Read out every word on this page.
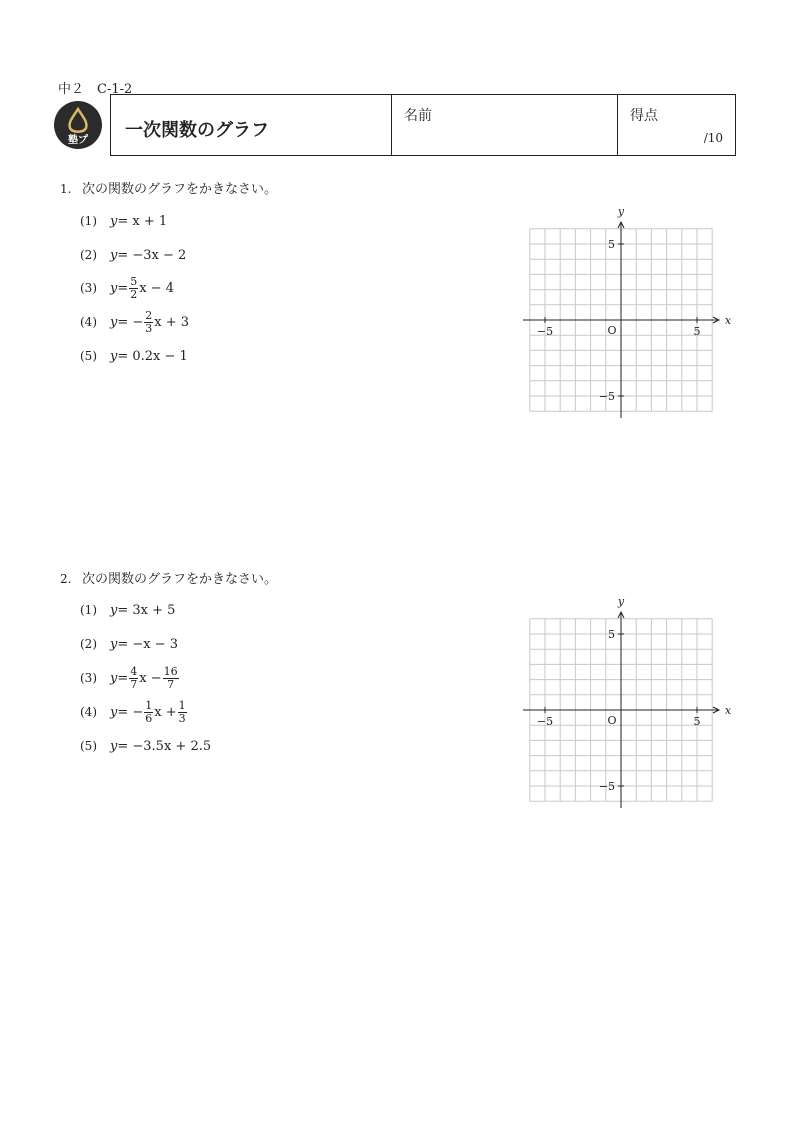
中２　C-1-2
塾プ 一次関数のグラフ
名前	得点
/10
1. 次の関数のグラフをかきなさい。
(1)	y = x + 1
(2)	y = −3x − 2
(3)	$y = \frac{5}{2}$ x − 4
(4)	y = − $\frac{2}{3}$ x + 3
(5)	y = 0.2x − 1
x
y
O	5
−5
5
−5
2. 次の関数のグラフをかきなさい。
(1)	y = 3x + 5
(2)	y = −x − 3
(3)	$y = \frac{4}{7}$ $x - \frac{16}{7}$
(4)	y = − $\frac{1}{6}$ $x + \frac{1}{3}$
(5)	y = −3.5x + 2.5
x
y
O	5
−5
5
−5
